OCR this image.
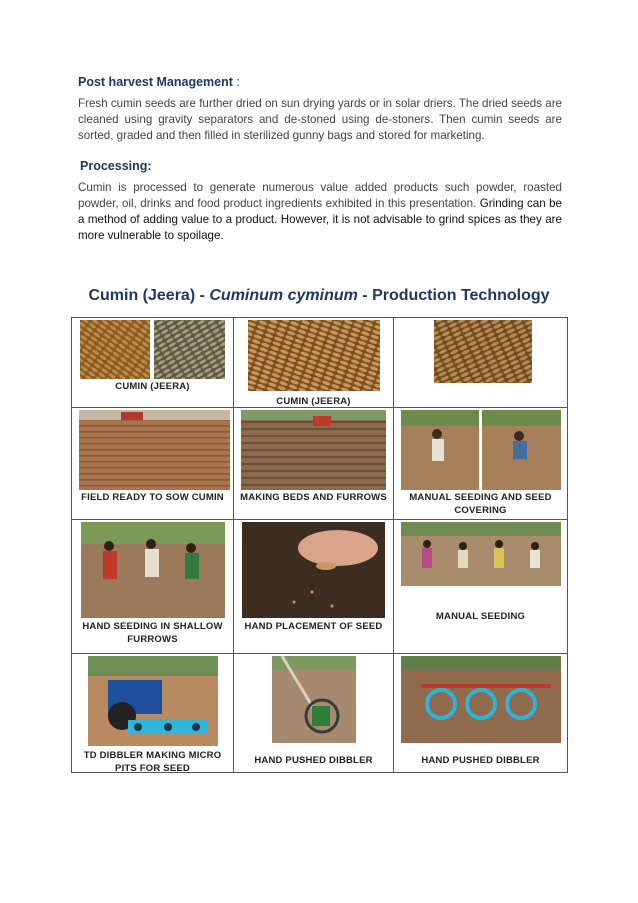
Post harvest Management :
Fresh cumin seeds are further dried on sun drying yards or in solar driers. The dried seeds are cleaned using gravity separators and de-stoned using de-stoners. Then cumin seeds are sorted, graded and then filled in sterilized gunny bags and stored for marketing.
Processing:
Cumin is processed to generate numerous value added products such powder, roasted powder, oil, drinks and food product ingredients exhibited in this presentation. Grinding can be a method of adding value to a product. However, it is not advisable to grind spices as they are more vulnerable to spoilage.
Cumin (Jeera) - Cuminum cyminum - Production Technology
CUMIN (JEERA)	CUMIN (JEERA)

FIELD READY TO SOW CUMIN	MAKING BEDS AND FURROWS	MANUAL SEEDING AND SEED COVERING

HAND SEEDING IN SHALLOW FURROWS	HAND PLACEMENT OF SEED	MANUAL SEEDING

TD DIBBLER MAKING MICRO PITS FOR SEED	HAND PUSHED DIBBLER	HAND PUSHED DIBBLER
